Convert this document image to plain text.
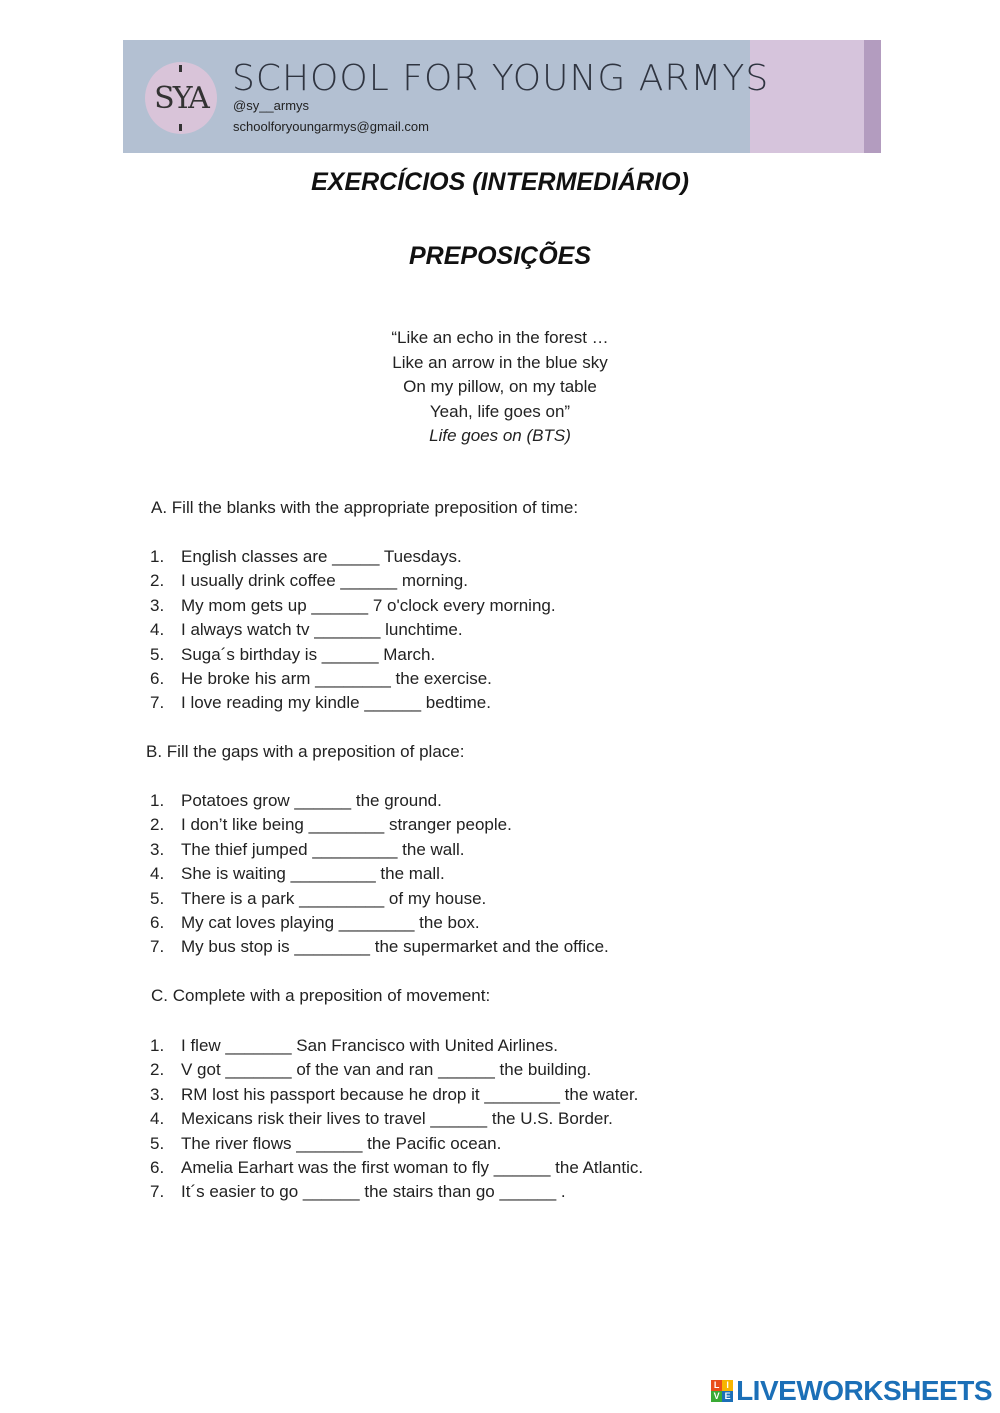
SYA SCHOOL FOR YOUNG ARMYS
@sy__armys
schoolforyoungarmys@gmail.com
EXERCÍCIOS (INTERMEDIÁRIO)
PREPOSIÇÕES
“Like an echo in the forest …
Like an arrow in the blue sky
On my pillow, on my table
Yeah, life goes on”
Life goes on (BTS)
A. Fill the blanks with the appropriate preposition of time:
1. English classes are _____ Tuesdays.
2. I usually drink coffee ______ morning.
3. My mom gets up ______ 7 o'clock every morning.
4. I always watch tv _______ lunchtime.
5. Suga´s birthday is ______ March.
6. He broke his arm ________ the exercise.
7. I love reading my kindle ______ bedtime.
B. Fill the gaps with a preposition of place:
1. Potatoes grow ______ the ground.
2. I don’t like being ________ stranger people.
3. The thief jumped _________ the wall.
4. She is waiting _________ the mall.
5. There is a park _________ of my house.
6. My cat loves playing ________ the box.
7. My bus stop is ________ the supermarket and the office.
C. Complete with a preposition of movement:
1. I flew _______ San Francisco with United Airlines.
2. V got _______ of the van and ran ______ the building.
3. RM lost his passport because he drop it ________ the water.
4. Mexicans risk their lives to travel ______ the U.S. Border.
5. The river flows _______ the Pacific ocean.
6. Amelia Earhart was the first woman to fly ______ the Atlantic.
7. It´s easier to go ______ the stairs than go ______ .
L I
V E LIVEWORKSHEETS
